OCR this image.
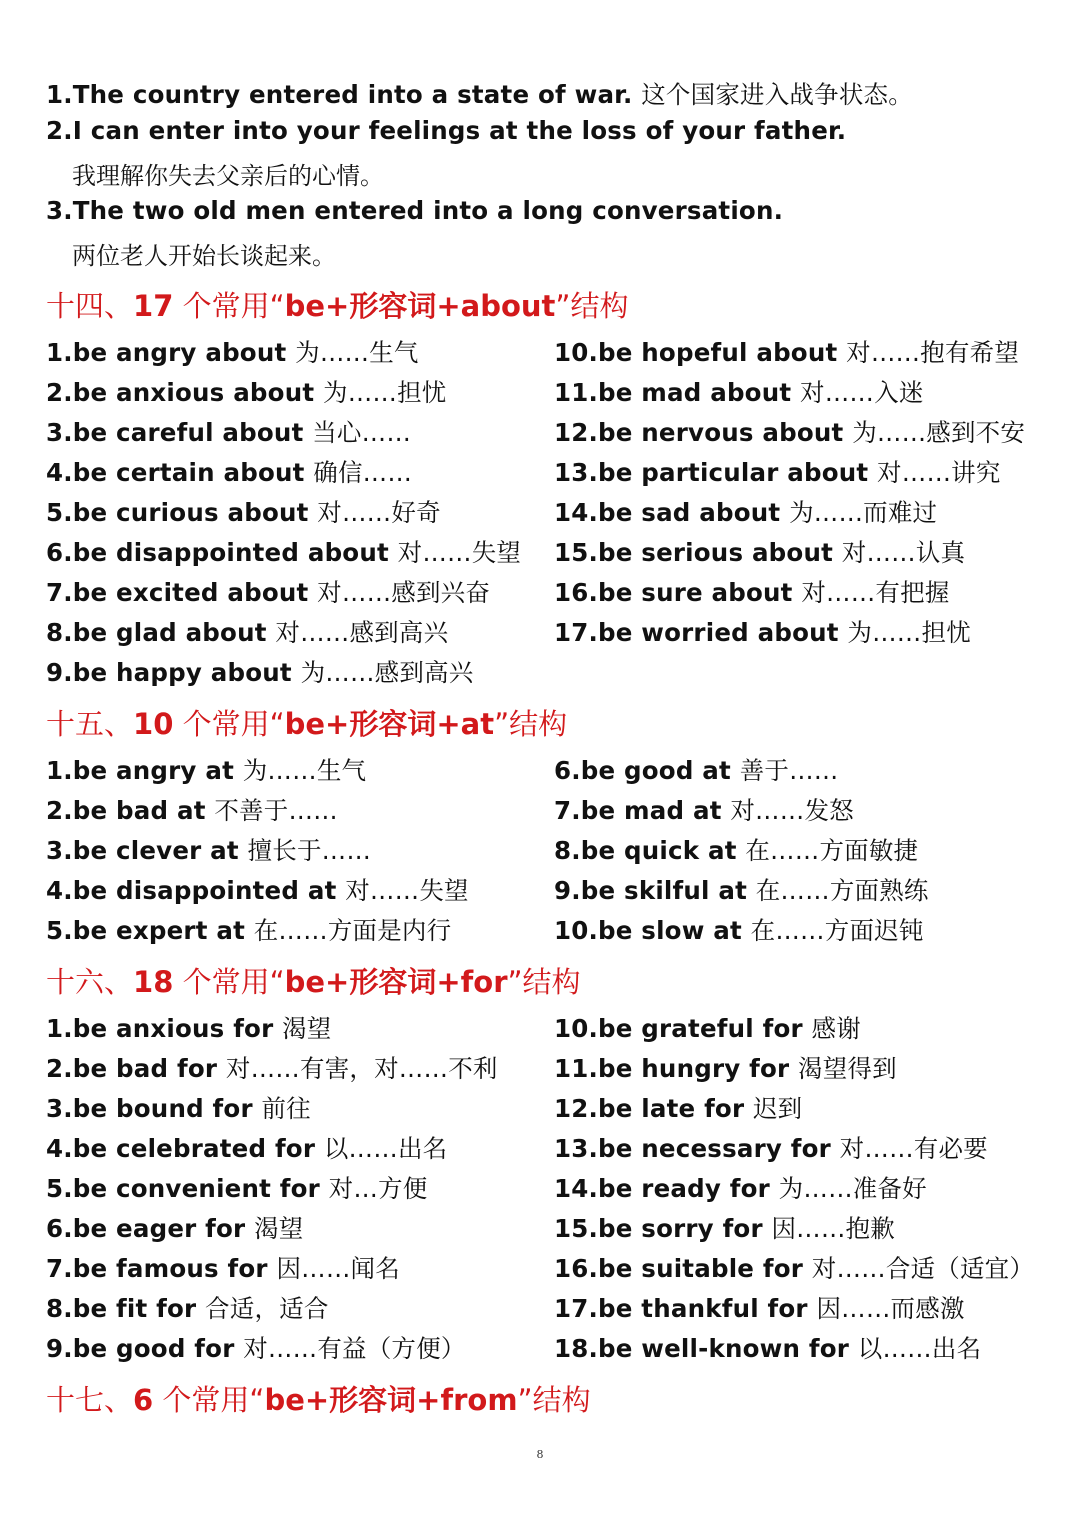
1.The country entered into a state of war. 这个国家进入战争状态。
2.I can enter into your feelings at the loss of your father.
我理解你失去父亲后的心情。
3.The two old men entered into a long conversation.
两位老人开始长谈起来。
十四、17 个常用“be+形容词+about”结构
1.be angry about 为……生气
2.be anxious about 为……担忧
3.be careful about 当心……
4.be certain about 确信……
5.be curious about 对……好奇
6.be disappointed about 对……失望
7.be excited about 对……感到兴奋
8.be glad about 对……感到高兴
9.be happy about 为……感到高兴
10.be hopeful about 对……抱有希望
11.be mad about 对……入迷
12.be nervous about 为……感到不安
13.be particular about 对……讲究
14.be sad about 为……而难过
15.be serious about 对……认真
16.be sure about 对……有把握
17.be worried about 为……担忧
十五、10 个常用“be+形容词+at”结构
1.be angry at 为……生气
2.be bad at 不善于……
3.be clever at 擅长于……
4.be disappointed at 对……失望
5.be expert at 在……方面是内行
6.be good at 善于……
7.be mad at 对……发怒
8.be quick at 在……方面敏捷
9.be skilful at 在……方面熟练
10.be slow at 在……方面迟钝
十六、18 个常用“be+形容词+for”结构
1.be anxious for 渴望
2.be bad for 对……有害，对……不利
3.be bound for 前往
4.be celebrated for 以……出名
5.be convenient for 对…方便
6.be eager for 渴望
7.be famous for 因……闻名
8.be fit for 合适，适合
9.be good for 对……有益（方便）
10.be grateful for 感谢
11.be hungry for 渴望得到
12.be late for 迟到
13.be necessary for 对……有必要
14.be ready for 为……准备好
15.be sorry for 因……抱歉
16.be suitable for 对……合适（适宜）
17.be thankful for 因……而感激
18.be well-known for 以……出名
十七、6 个常用“be+形容词+from”结构
8
